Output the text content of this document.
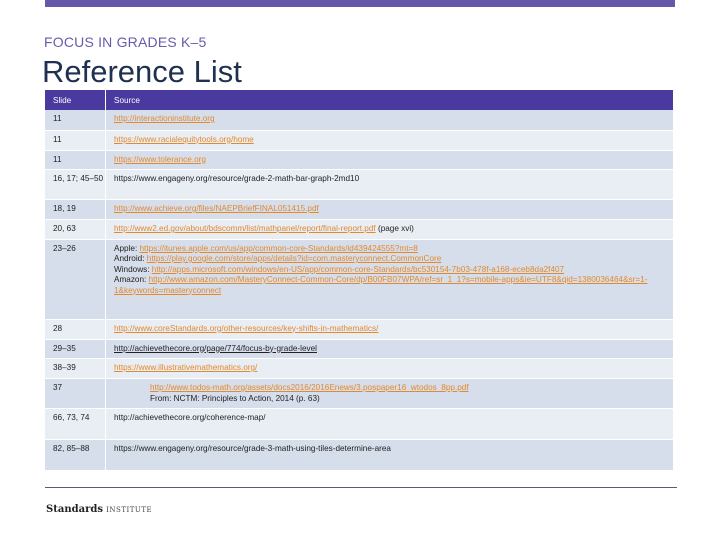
FOCUS IN GRADES K–5
Reference List
Slide	Source
11	http://interactioninstitute.org

11	https://www.racialequitytools.org/home

11	https://www.tolerance.org

16, 17; 45–50	https://www.engageny.org/resource/grade-2-math-bar-graph-2md10

18, 19	http://www.achieve.org/files/NAEPBriefFINAL051415.pdf

20, 63	http://www2.ed.gov/about/bdscomm/list/mathpanel/report/final-report.pdf (page xvi)

23–26	Apple: https://itunes.apple.com/us/app/common-core-Standards/id439424555?mt=8
Android: https://play.google.com/store/apps/details?id=com.masteryconnect.CommonCore
Windows: http://apps.microsoft.com/windows/en-US/app/common-core-Standards/bc530154-7b03-478f-a168-eceb8da2f407
Amazon: http://www.amazon.com/MasteryConnect-Common-Core/dp/B00FB07WPA/ref=sr_1_1?s=mobile-apps&ie=UTF8&qid=1380036464&sr=1-1&keywords=masteryconnect

28	http://www.coreStandards.org/other-resources/key-shifts-in-mathematics/

29–35	http://achievethecore.org/page/774/focus-by-grade-level

38–39	https://www.illustrativemathematics.org/

37	http://www.todos-math.org/assets/docs2016/2016Enews/3.pospaper16_wtodos_8pp.pdf
From: NCTM: Principles to Action, 2014 (p. 63)

66, 73, 74	http://achievethecore.org/coherence-map/

82, 85–88	https://www.engageny.org/resource/grade-3-math-using-tiles-determine-area
Standards INSTITUTE
